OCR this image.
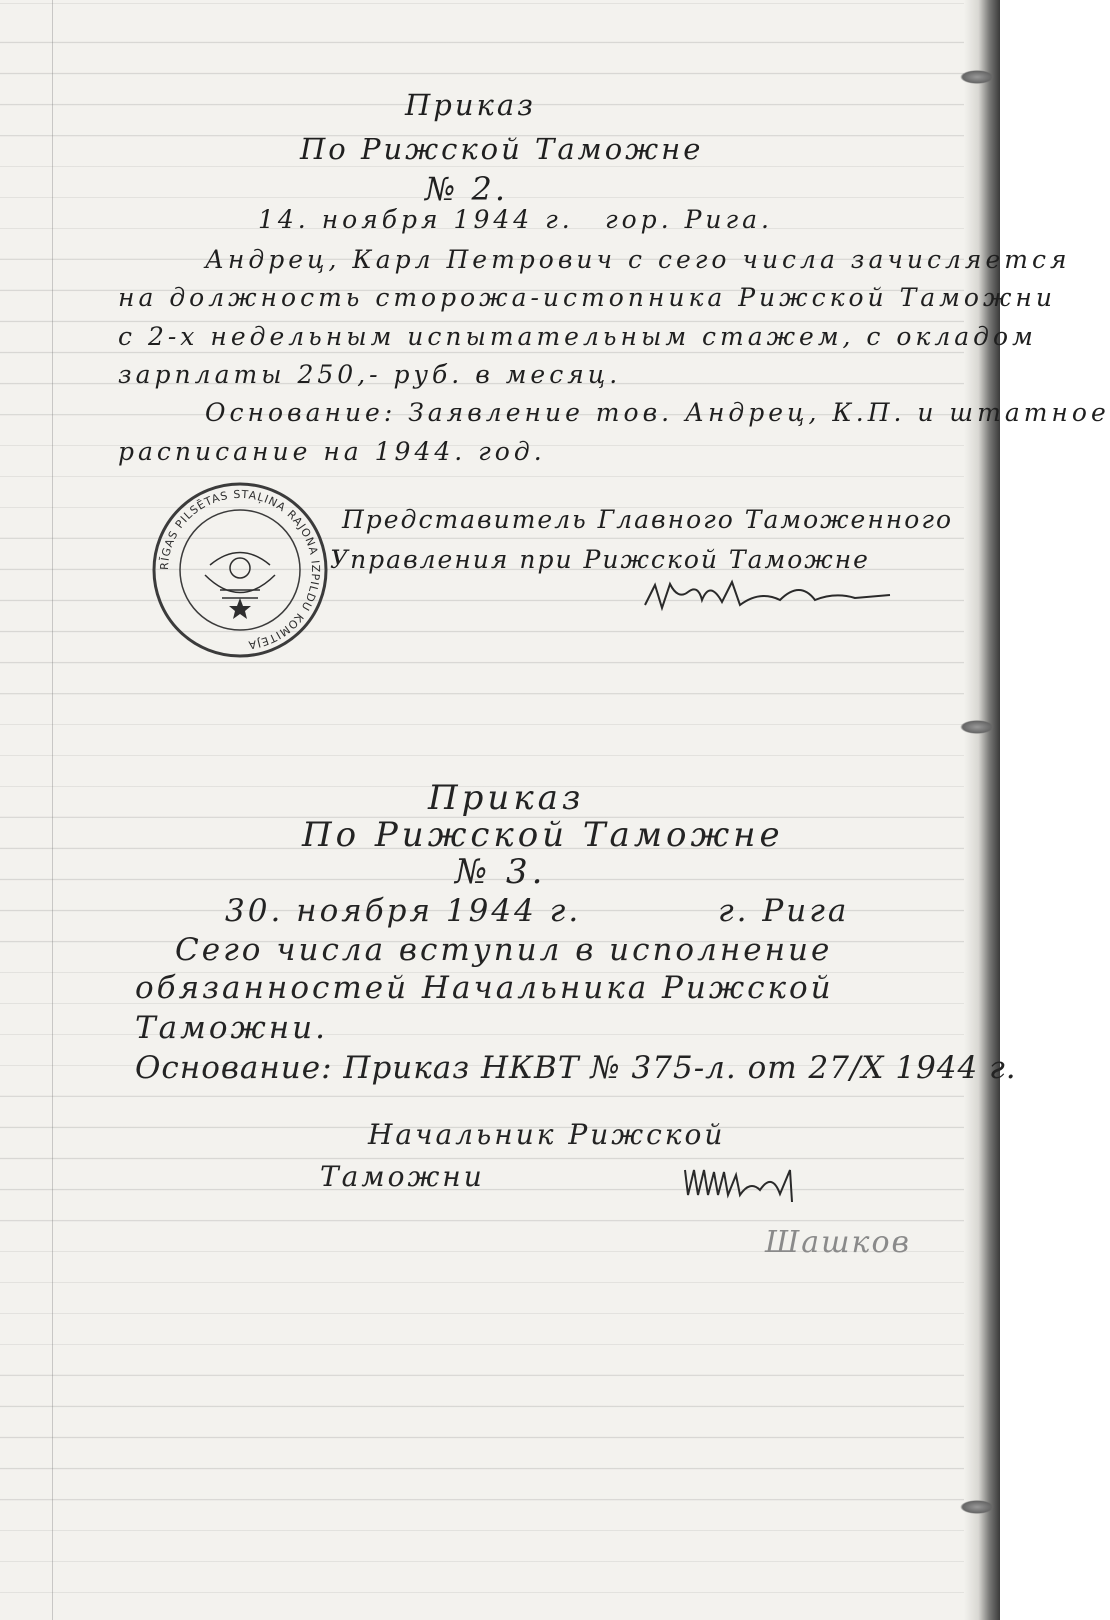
Приказ
По Рижской Таможне
№ 2.
14. ноября 1944 г. гор. Рига.
Андрец, Карл Петрович с сего числа зачисляется
на должность сторожа-истопника Рижской Таможни
с 2-х недельным испытательным стажем, с окладом
зарплаты 250,- руб. в месяц.
Основание: Заявление тов. Андрец, К.П. и штатное
расписание на 1944. год.
RĪGAS PILSĒTAS STAĻINA RAJONA IZPILDU KOMITEJA
Представитель Главного Таможенного
Управления при Рижской Таможне
Приказ
По Рижской Таможне
№ 3.
30. ноября 1944 г.	г. Рига
Сего числа вступил в исполнение
обязанностей Начальника Рижской
Таможни.
Основание: Приказ НКВТ № 375-л. от 27/X 1944 г.
Начальник Рижской
Таможни
Шашков
